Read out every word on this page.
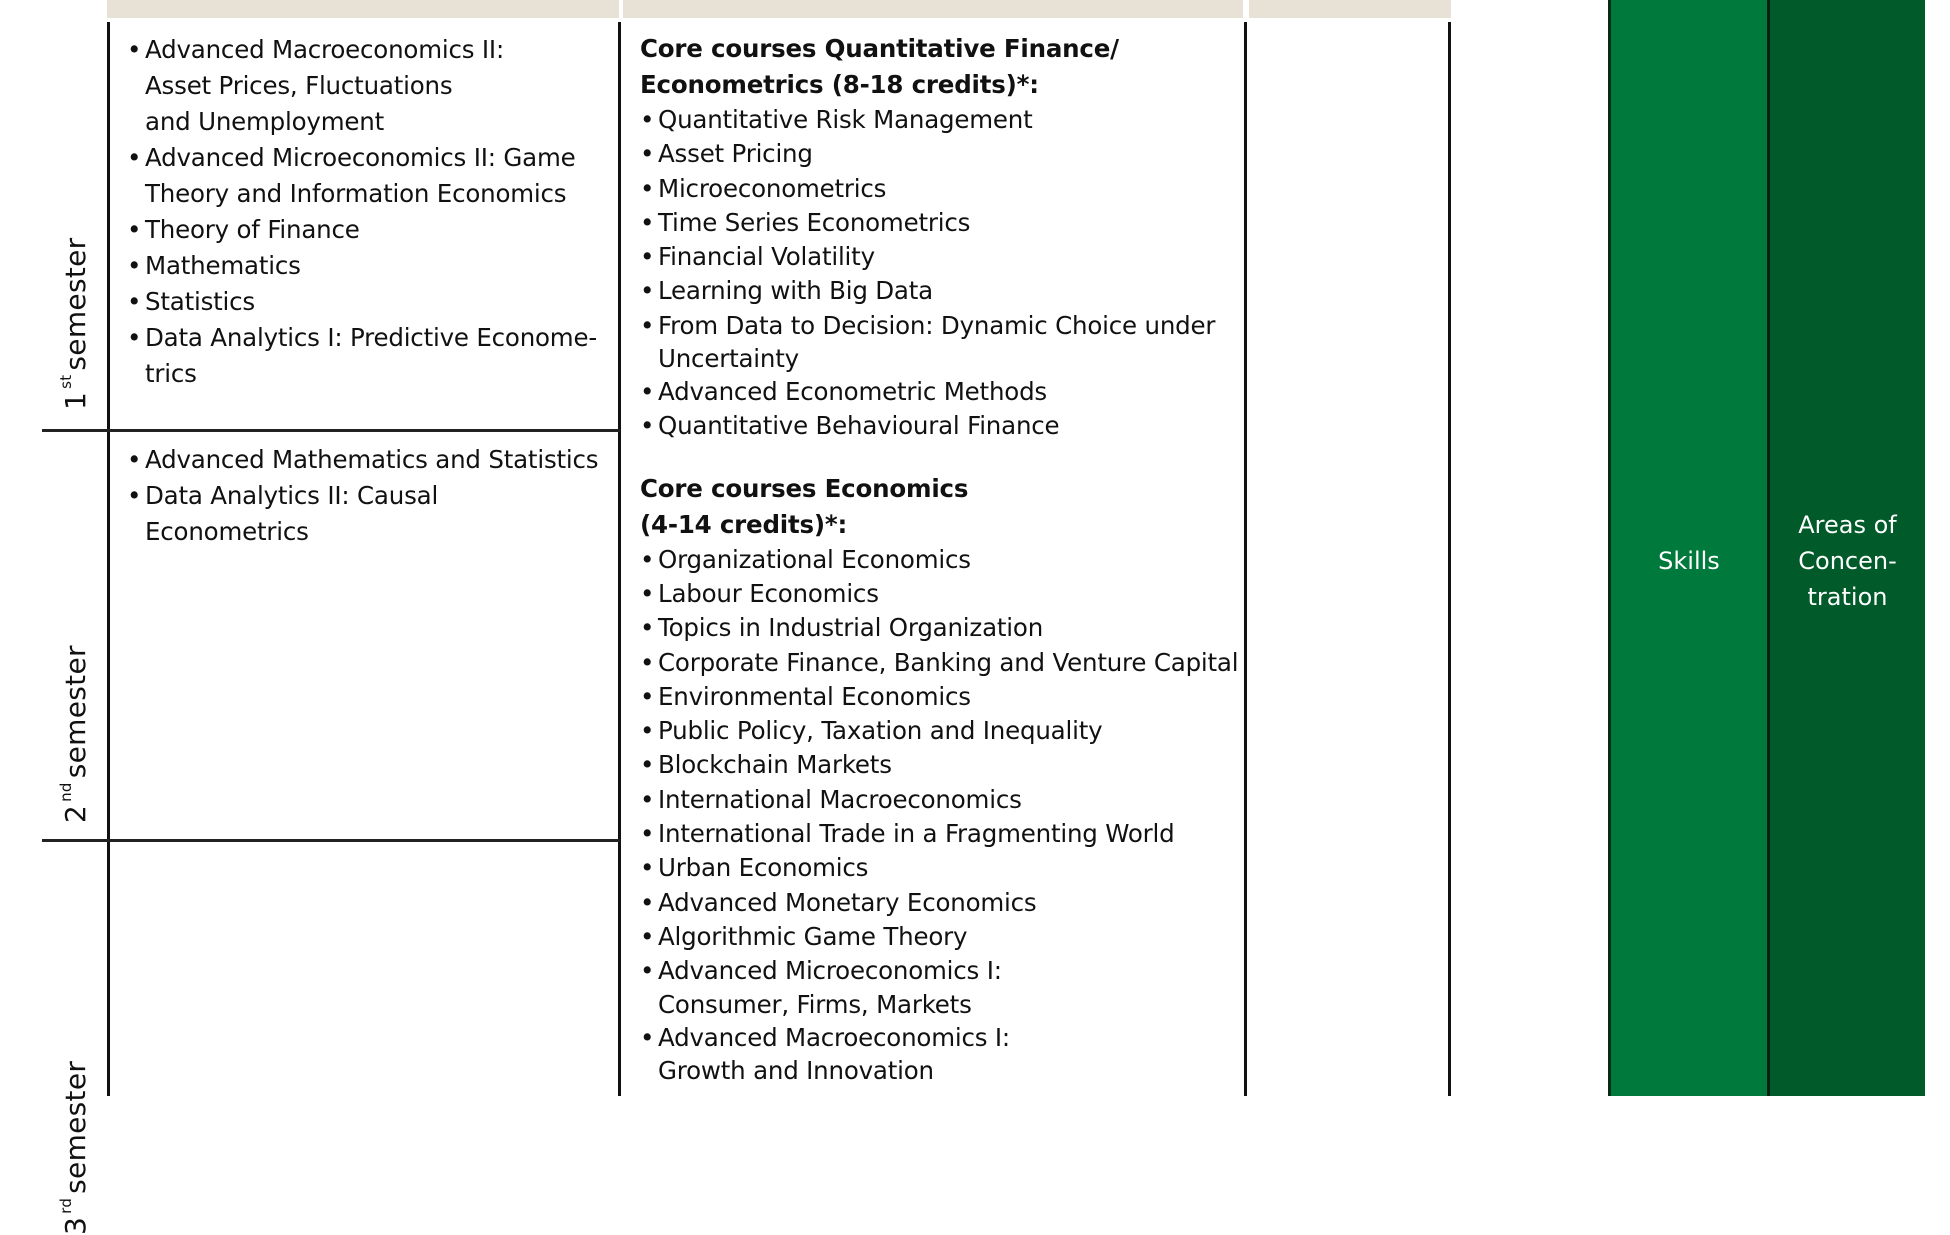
1stsemester
2ndsemester
3rdsemester
• Advanced Macroeconomics II:
Asset Prices, Fluctuations
and Unemployment
• Advanced Microeconomics II: Game
Theory and Information Economics
• Theory of Finance
• Mathematics
• Statistics
• Data Analytics I: Predictive Econome-
trics
• Advanced Mathematics and Statistics
• Data Analytics II: Causal Econometrics
Core courses Quantitative Finance/
Econometrics (8-18 credits)*:
• Quantitative Risk Management
• Asset Pricing
• Microeconometrics
• Time Series Econometrics
• Financial Volatility
• Learning with Big Data
• From Data to Decision: Dynamic Choice under
Uncertainty
• Advanced Econometric Methods
• Quantitative Behavioural Finance
Core courses Economics
(4-14 credits)*:
• Organizational Economics
• Labour Economics
• Topics in Industrial Organization
• Corporate Finance, Banking and Venture Capital
• Environmental Economics
• Public Policy, Taxation and Inequality
• Blockchain Markets
• International Macroeconomics
• International Trade in a Fragmenting World
• Urban Economics
• Advanced Monetary Economics
• Algorithmic Game Theory
• Advanced Microeconomics I:
Consumer, Firms, Markets
• Advanced Macroeconomics I:
Growth and Innovation
Skills
Areas of
Concen-
tration
